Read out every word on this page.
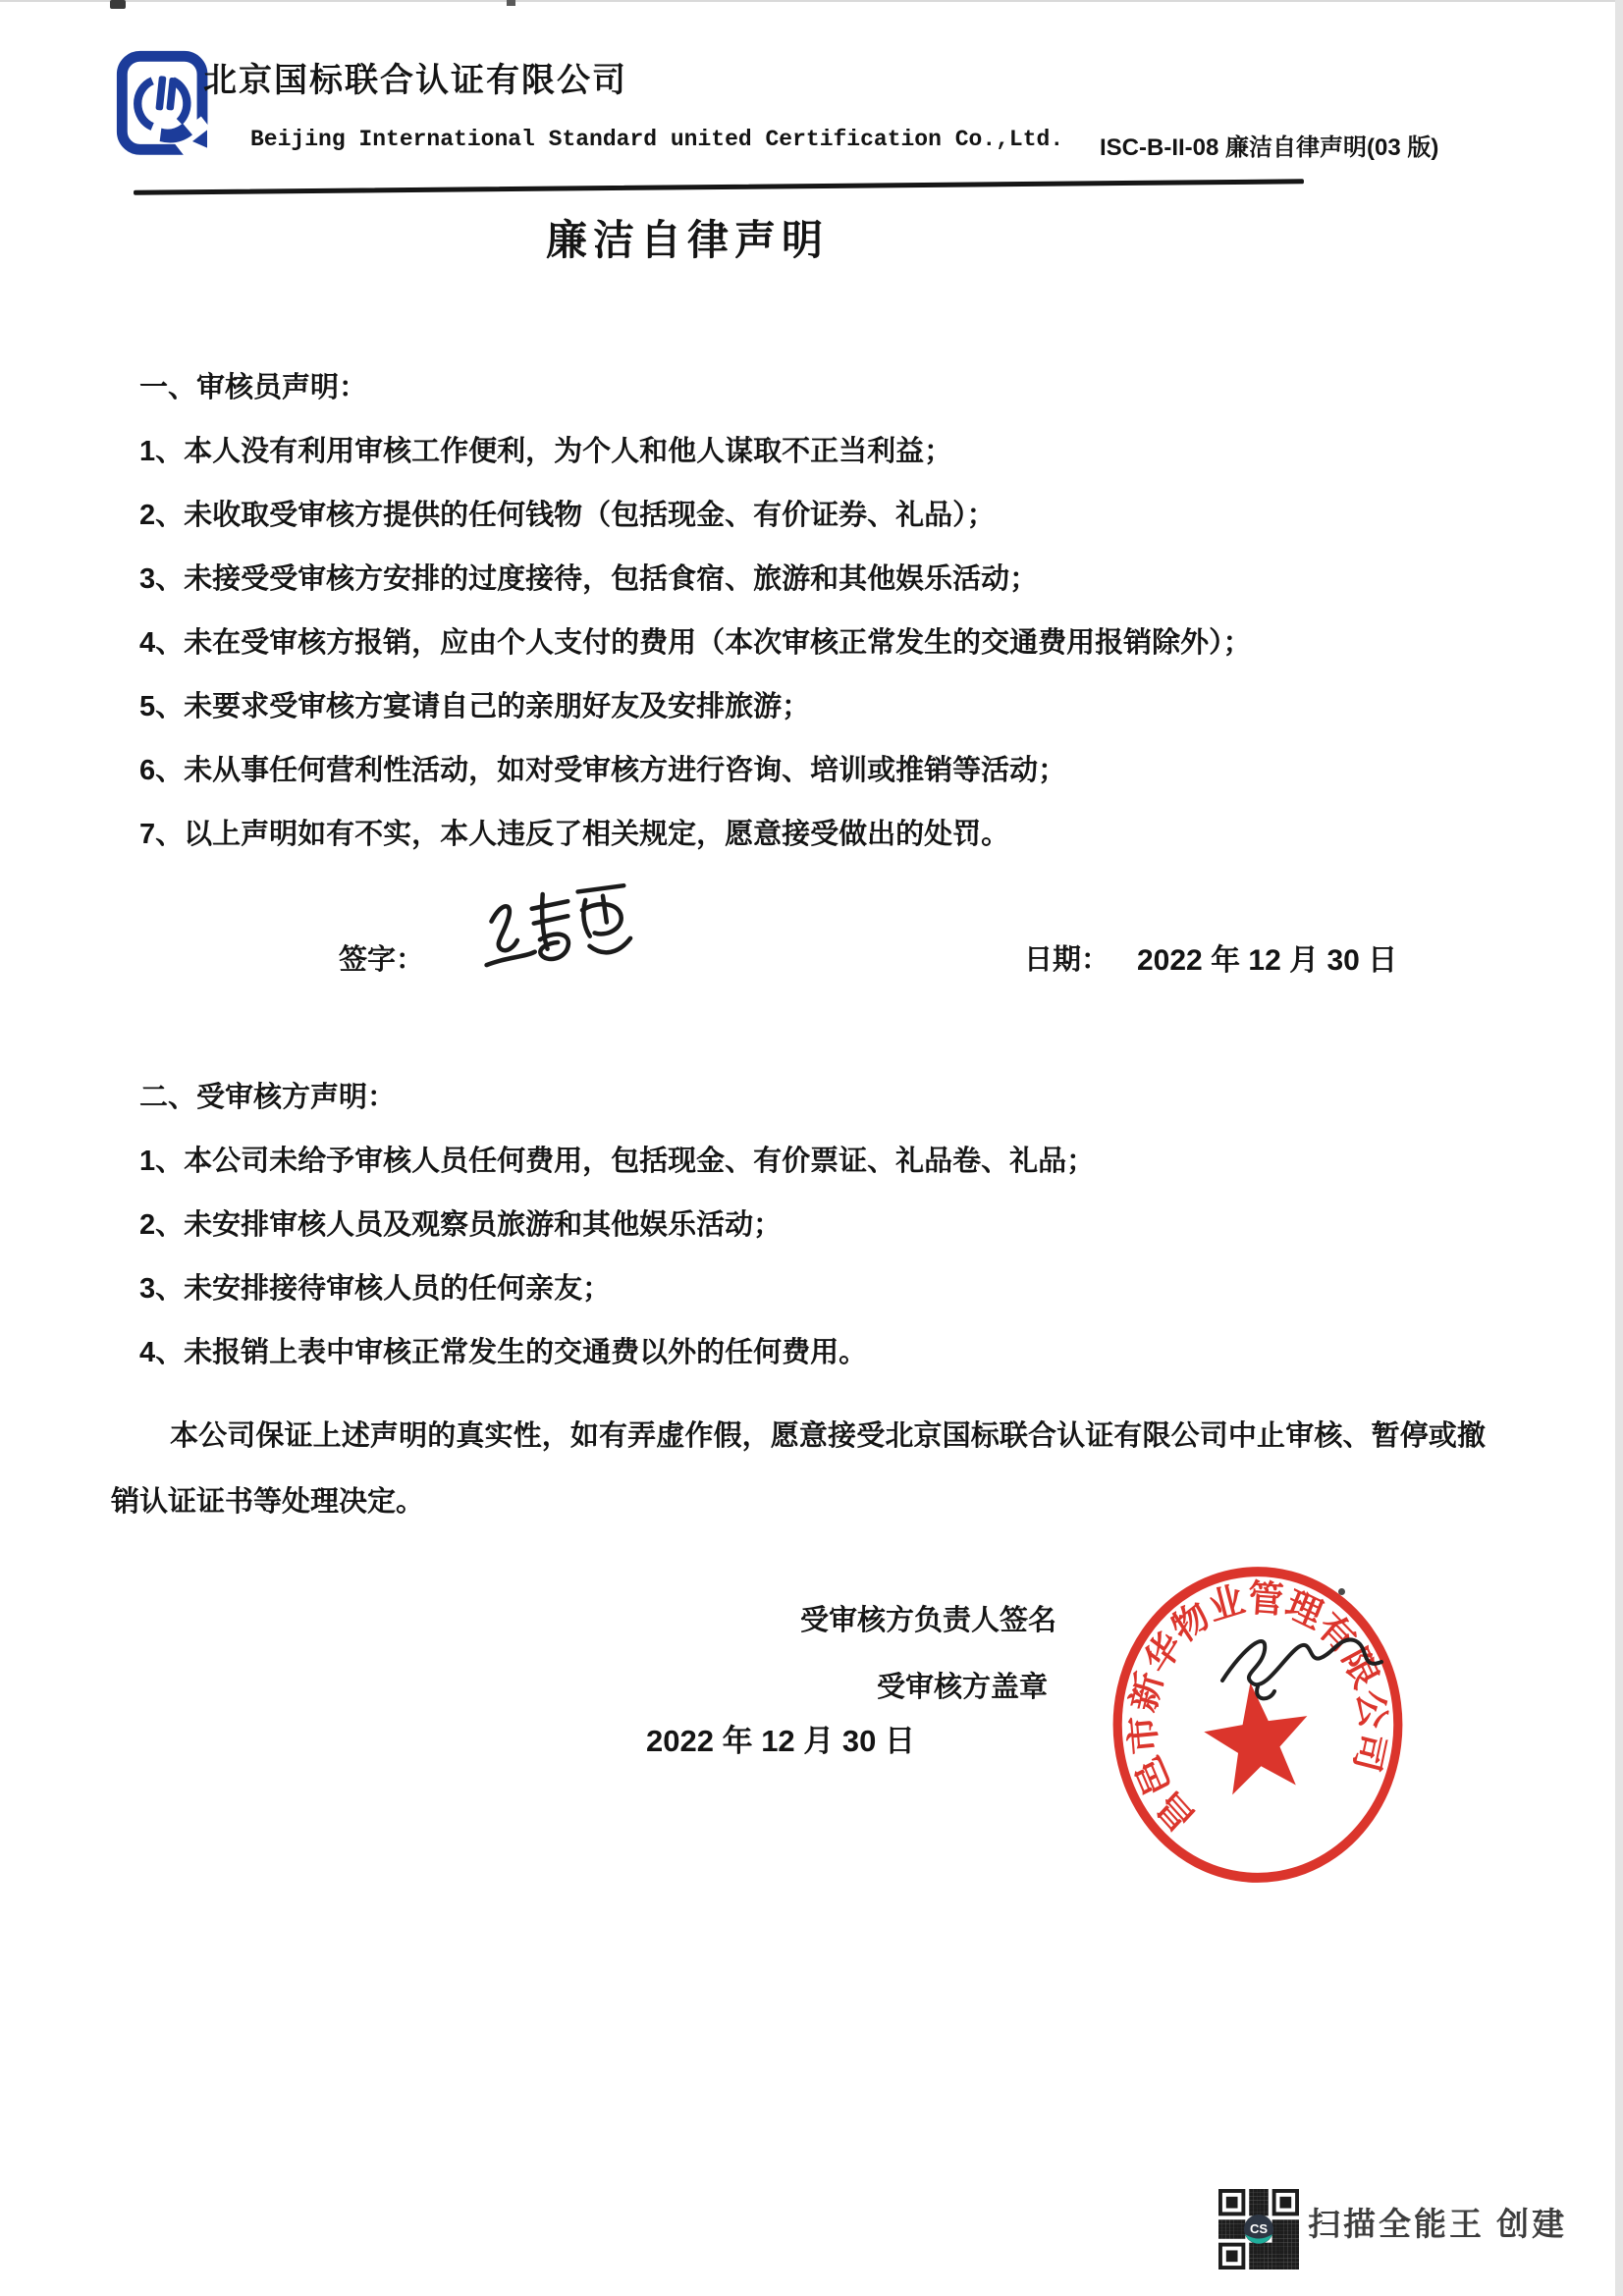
北京国标联合认证有限公司
Beijing International Standard united Certification Co.,Ltd. ISC-B-II-08 廉洁自律声明(03 版)
廉洁自律声明
一、审核员声明：
1、本人没有利用审核工作便利，为个人和他人谋取不正当利益；
2、未收取受审核方提供的任何钱物（包括现金、有价证券、礼品）；
3、未接受受审核方安排的过度接待，包括食宿、旅游和其他娱乐活动；
4、未在受审核方报销，应由个人支付的费用（本次审核正常发生的交通费用报销除外）；
5、未要求受审核方宴请自己的亲朋好友及安排旅游；
6、未从事任何营利性活动，如对受审核方进行咨询、培训或推销等活动；
7、以上声明如有不实，本人违反了相关规定，愿意接受做出的处罚。
签字：	日期： 2022 年 12 月 30 日
二、受审核方声明：
1、本公司未给予审核人员任何费用，包括现金、有价票证、礼品卷、礼品；
2、未安排审核人员及观察员旅游和其他娱乐活动；
3、未安排接待审核人员的任何亲友；
4、未报销上表中审核正常发生的交通费以外的任何费用。
本公司保证上述声明的真实性，如有弄虚作假，愿意接受北京国标联合认证有限公司中止审核、暂停或撤销认证证书等处理决定。
受审核方负责人签名
受审核方盖章
2022 年 12 月 30 日
昌邑市新华物业管理有限公司
CS 扫描全能王 创建
